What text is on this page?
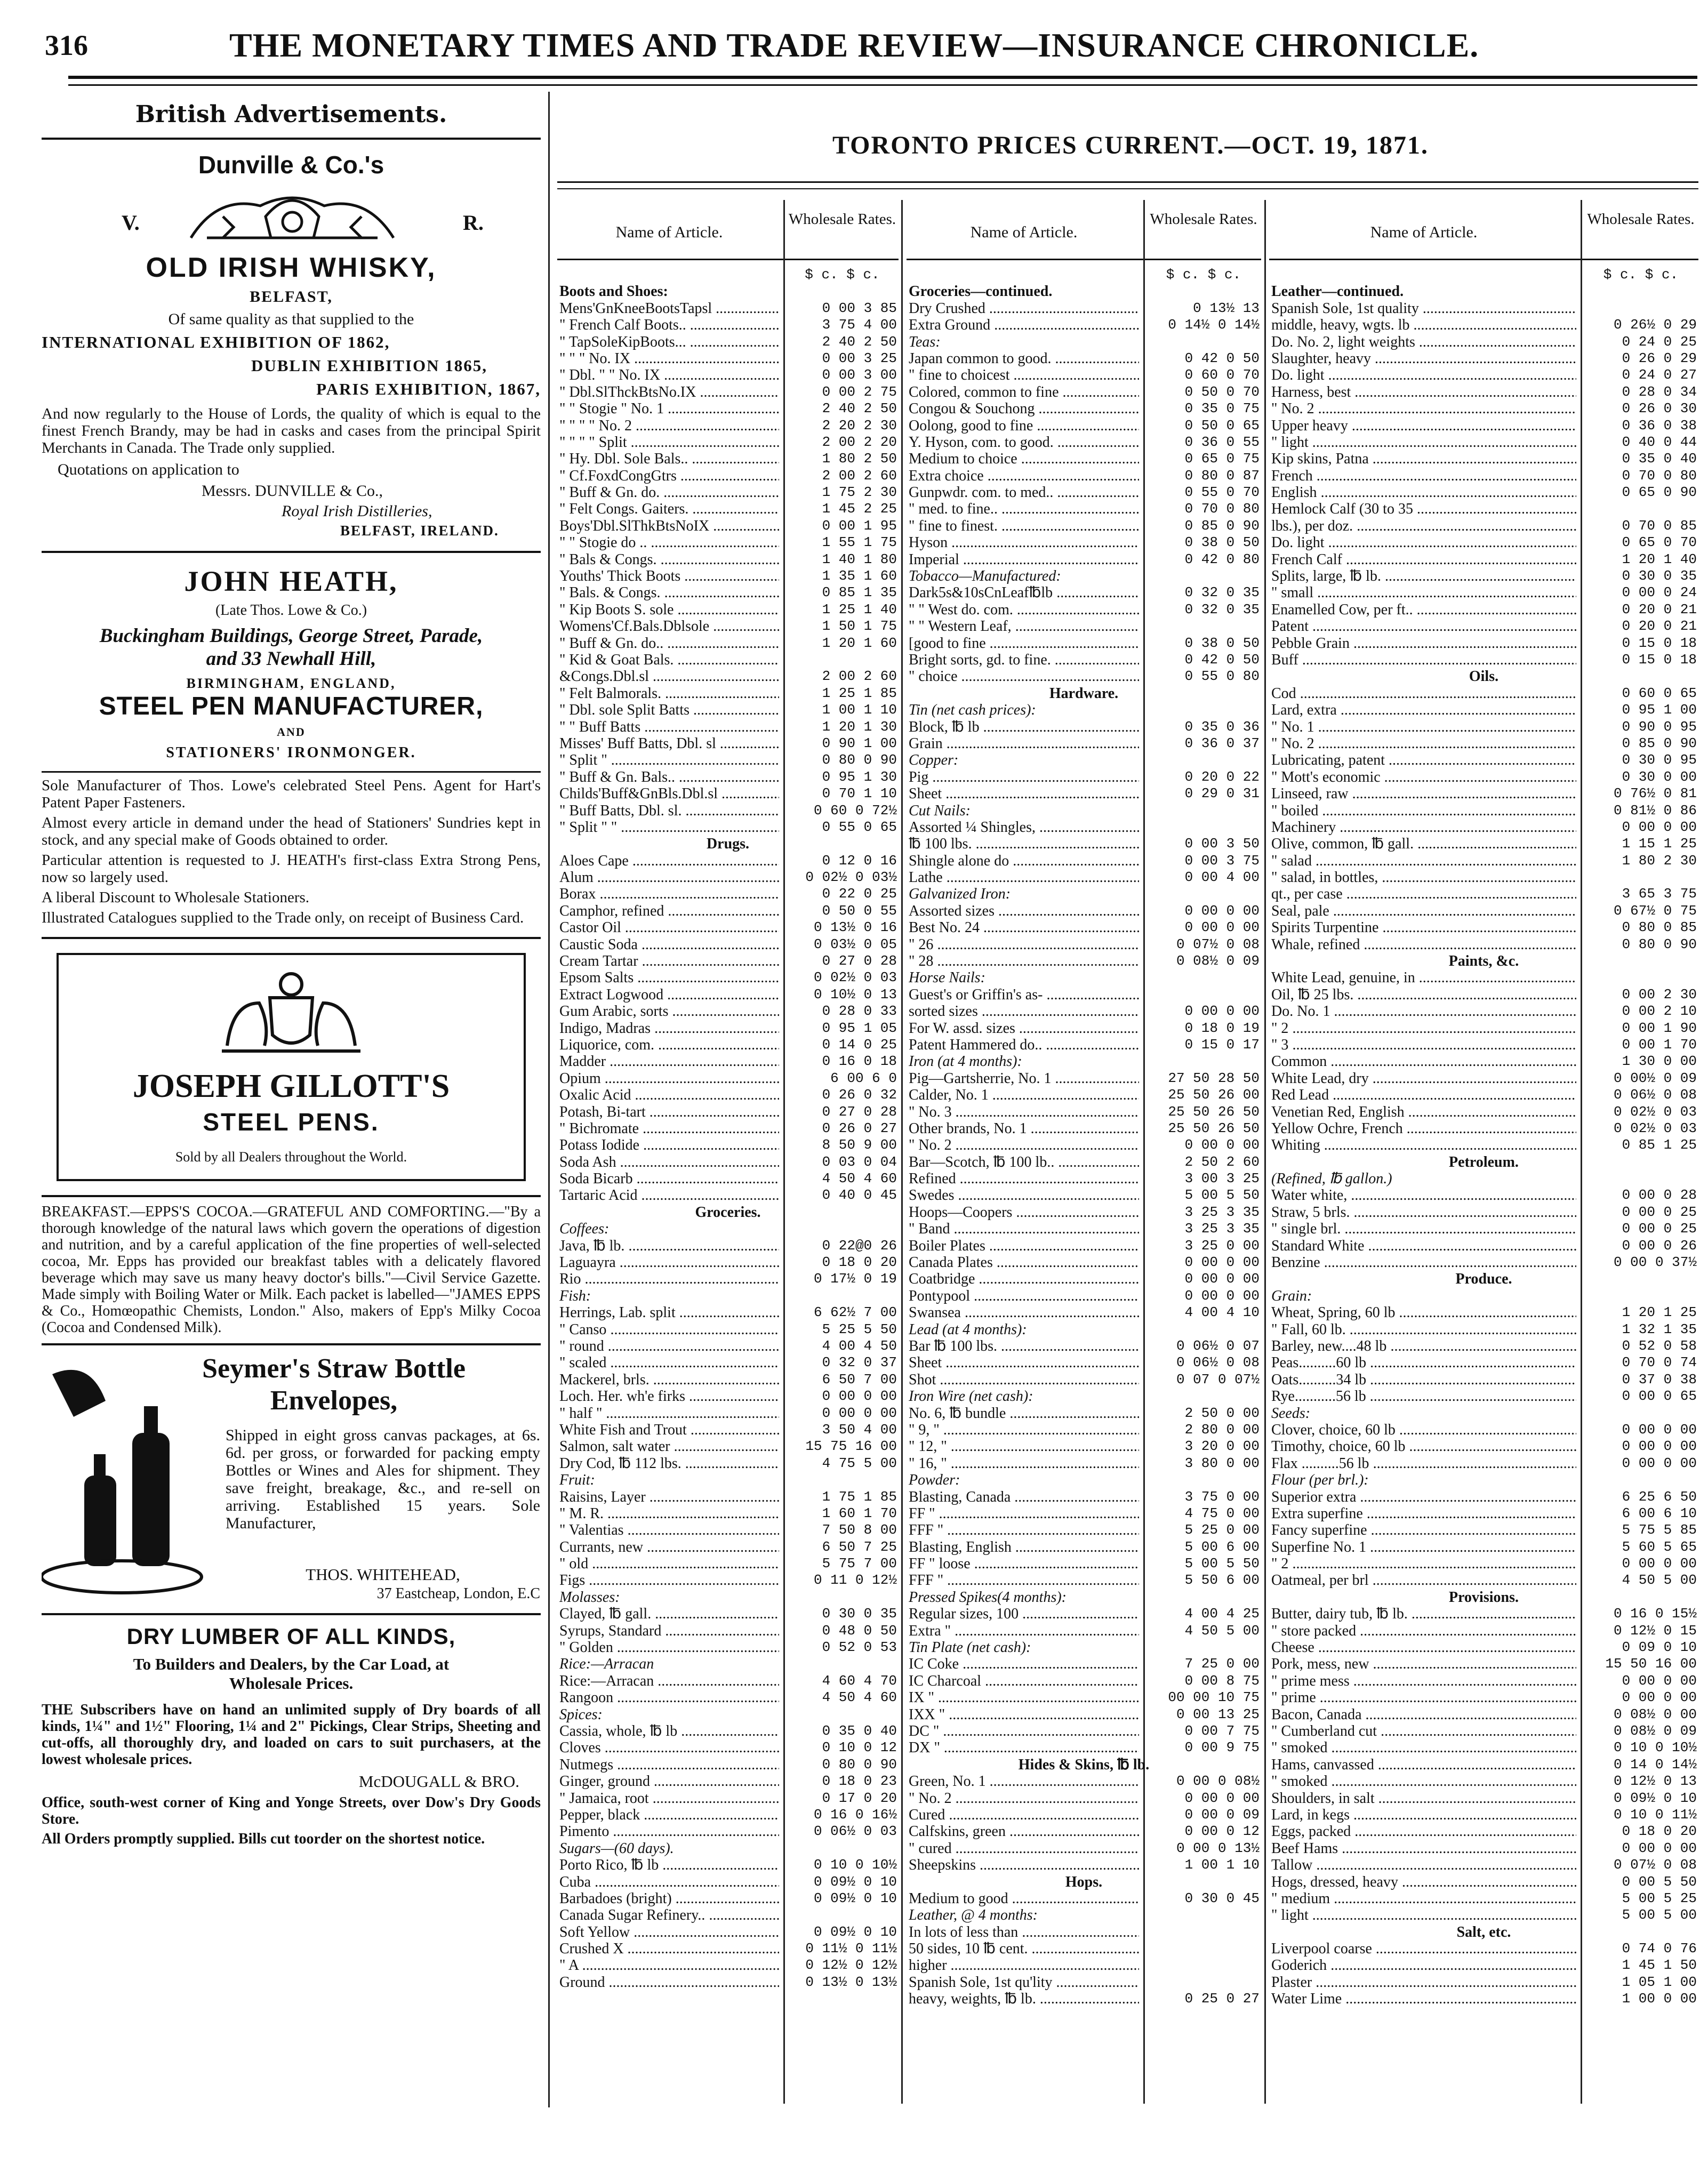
316	THE MONETARY TIMES AND TRADE REVIEW—INSURANCE CHRONICLE.
British Advertisements.
Dunville & Co.'s
V.	R.
OLD IRISH WHISKY,
BELFAST,
Of same quality as that supplied to the
INTERNATIONAL EXHIBITION OF 1862,
DUBLIN EXHIBITION 1865,
PARIS EXHIBITION, 1867,

And now regularly to the House of Lords, the quality of which is equal to the finest French Brandy, may be had in casks and cases from the principal Spirit Merchants in Canada. The Trade only supplied.

Quotations on application to
Messrs. DUNVILLE & Co.,
Royal Irish Distilleries,
BELFAST, IRELAND.
JOHN HEATH,
(Late Thos. Lowe & Co.)
Buckingham Buildings, George Street, Parade,
and 33 Newhall Hill,
BIRMINGHAM, ENGLAND,
STEEL PEN MANUFACTURER,
AND
STATIONERS' IRONMONGER.

Sole Manufacturer of Thos. Lowe's celebrated Steel Pens. Agent for Hart's Patent Paper Fasteners.

Almost every article in demand under the head of Stationers' Sundries kept in stock, and any special make of Goods obtained to order.

Particular attention is requested to J. HEATH's first-class Extra Strong Pens, now so largely used.

A liberal Discount to Wholesale Stationers.

Illustrated Catalogues supplied to the Trade only, on receipt of Business Card.

JOSEPH GILLOTT'S
STEEL PENS.
Sold by all Dealers throughout the World.

BREAKFAST.—EPPS'S COCOA.—GRATEFUL AND COMFORTING.—"By a thorough knowledge of the natural laws which govern the operations of digestion and nutrition, and by a careful application of the fine properties of well-selected cocoa, Mr. Epps has provided our breakfast tables with a delicately flavored beverage which may save us many heavy doctor's bills."—Civil Service Gazette. Made simply with Boiling Water or Milk. Each packet is labelled—"JAMES EPPS & Co., Homœopathic Chemists, London." Also, makers of Epp's Milky Cocoa (Cocoa and Condensed Milk).

Seymer's Straw Bottle
Envelopes,

Shipped in eight gross canvas packages, at 6s. 6d. per gross, or forwarded for packing empty Bottles or Wines and Ales for shipment. They save freight, breakage, &c., and re-sell on arriving. Established 15 years. Sole Manufacturer,

THOS. WHITEHEAD,
37 Eastcheap, London, E.C
DRY LUMBER OF ALL KINDS,
To Builders and Dealers, by the Car Load, at
Wholesale Prices.

THE Subscribers have on hand an unlimited supply of Dry boards of all kinds, 1¼" and 1½" Flooring, 1¼ and 2" Pickings, Clear Strips, Sheeting and cut-offs, all thoroughly dry, and loaded on cars to suit purchasers, at the lowest wholesale prices.

McDOUGALL & BRO.

Office, south-west corner of King and Yonge Streets, over Dow's Dry Goods Store.

All Orders promptly supplied. Bills cut toorder on the shortest notice.

TORONTO PRICES CURRENT.—OCT. 19, 1871.
Name of Article.
Wholesale Rates.
$ c. $ c.
Boots and Shoes:
Mens'GnKneeBootsTapsl .....	0 00 3 85
" French Calf Boots.. .....	3 75 4 00
" TapSoleKipBoots... .....	2 40 2 50
" " " No. IX .....	0 00 3 25
" Dbl. " " No. IX .....	0 00 3 00
" Dbl.SlThckBtsNo.IX .....	0 00 2 75
" " Stogie " No. 1 .....	2 40 2 50
" " " " No. 2 .....	2 20 2 30
" " " " Split .....	2 00 2 20
" Hy. Dbl. Sole Bals.. .....	1 80 2 50
" Cf.FoxdCongGtrs .....	2 00 2 60
" Buff & Gn. do. .....	1 75 2 30
" Felt Congs. Gaiters. .....	1 45 2 25
Boys'Dbl.SlThkBtsNoIX .....	0 00 1 95
" " Stogie do .. .....	1 55 1 75
" Bals & Congs. .....	1 40 1 80
Youths' Thick Boots .....	1 35 1 60
" Bals. & Congs. .....	0 85 1 35
" Kip Boots S. sole .....	1 25 1 40
Womens'Cf.Bals.Dblsole .....	1 50 1 75
" Buff & Gn. do.. .....	1 20 1 60
" Kid & Goat Bals. .....
&Congs.Dbl.sl .....	2 00 2 60
" Felt Balmorals. .....	1 25 1 85
" Dbl. sole Split Batts .....	1 00 1 10
" " Buff Batts .....	1 20 1 30
Misses' Buff Batts, Dbl. sl .....	0 90 1 00
" Split " .....	0 80 0 90
" Buff & Gn. Bals.. .....	0 95 1 30
Childs'Buff&GnBls.Dbl.sl .....	0 70 1 10
" Buff Batts, Dbl. sl. .....	0 60 0 72½
" Split " " .....	0 55 0 65
Drugs.
Aloes Cape .....	0 12 0 16
Alum .....	0 02½ 0 03½
Borax .....	0 22 0 25
Camphor, refined .....	0 50 0 55
Castor Oil .....	0 13½ 0 16
Caustic Soda .....	0 03½ 0 05
Cream Tartar .....	0 27 0 28
Epsom Salts .....	0 02½ 0 03
Extract Logwood .....	0 10½ 0 13
Gum Arabic, sorts .....	0 28 0 33
Indigo, Madras .....	0 95 1 05
Liquorice, com. .....	0 14 0 25
Madder .....	0 16 0 18
Opium .....	6 00 6 0
Oxalic Acid .....	0 26 0 32
Potash, Bi-tart .....	0 27 0 28
" Bichromate .....	0 26 0 27
Potass Iodide .....	8 50 9 00
Soda Ash .....	0 03 0 04
Soda Bicarb .....	4 50 4 60
Tartaric Acid .....	0 40 0 45
Groceries.
Coffees:
Java, ℔ lb. .....	0 22@0 26
Laguayra .....	0 18 0 20
Rio .....	0 17½ 0 19
Fish:
Herrings, Lab. split .....	6 62½ 7 00
" Canso .....	5 25 5 50
" round .....	4 00 4 50
" scaled .....	0 32 0 37
Mackerel, brls. .....	6 50 7 00
Loch. Her. wh'e firks .....	0 00 0 00
" half " .....	0 00 0 00
White Fish and Trout .....	3 50 4 00
Salmon, salt water .....	15 75 16 00
Dry Cod, ℔ 112 lbs. .....	4 75 5 00
Fruit:
Raisins, Layer .....	1 75 1 85
" M. R. .....	1 60 1 70
" Valentias .....	7 50 8 00
Currants, new .....	6 50 7 25
" old .....	5 75 7 00
Figs .....	0 11 0 12½
Molasses:
Clayed, ℔ gall. .....	0 30 0 35
Syrups, Standard .....	0 48 0 50
" Golden .....	0 52 0 53
Rice:—Arracan
Rice:—Arracan .....	4 60 4 70
Rangoon .....	4 50 4 60
Spices:
Cassia, whole, ℔ lb .....	0 35 0 40
Cloves .....	0 10 0 12
Nutmegs .....	0 80 0 90
Ginger, ground .....	0 18 0 23
" Jamaica, root .....	0 17 0 20
Pepper, black .....	0 16 0 16½
Pimento .....	0 06½ 0 03
Sugars—(60 days).
Porto Rico, ℔ lb .....	0 10 0 10½
Cuba .....	0 09½ 0 10
Barbadoes (bright) .....	0 09½ 0 10
Canada Sugar Refinery.. .....
Soft Yellow .....	0 09½ 0 10
Crushed X .....	0 11½ 0 11½
" A .....	0 12½ 0 12½
Ground .....	0 13½ 0 13½
Name of Article.
Wholesale Rates.
$ c. $ c.
Groceries—continued.
Dry Crushed .....	0 13½ 13
Extra Ground .....	0 14½ 0 14½
Teas:
Japan common to good. .....	0 42 0 50
" fine to choicest .....	0 60 0 70
Colored, common to fine .....	0 50 0 70
Congou & Souchong .....	0 35 0 75
Oolong, good to fine .....	0 50 0 65
Y. Hyson, com. to good. .....	0 36 0 55
Medium to choice .....	0 65 0 75
Extra choice .....	0 80 0 87
Gunpwdr. com. to med.. .....	0 55 0 70
" med. to fine.. .....	0 70 0 80
" fine to finest. .....	0 85 0 90
Hyson .....	0 38 0 50
Imperial .....	0 42 0 80
Tobacco—Manufactured:
Dark5s&10sCnLeaf℔lb .....	0 32 0 35
" " West do. com. .....	0 32 0 35
" " Western Leaf, .....
[good to fine .....	0 38 0 50
Bright sorts, gd. to fine. .....	0 42 0 50
" choice .....	0 55 0 80
Hardware.
Tin (net cash prices):
Block, ℔ lb .....	0 35 0 36
Grain .....	0 36 0 37
Copper:
Pig .....	0 20 0 22
Sheet .....	0 29 0 31
Cut Nails:
Assorted ¼ Shingles, .....
℔ 100 lbs. .....	0 00 3 50
Shingle alone do .....	0 00 3 75
Lathe .....	0 00 4 00
Galvanized Iron:
Assorted sizes .....	0 00 0 00
Best No. 24 .....	0 00 0 00
" 26 .....	0 07½ 0 08
" 28 .....	0 08½ 0 09
Horse Nails:
Guest's or Griffin's as- .....
sorted sizes .....	0 00 0 00
For W. assd. sizes .....	0 18 0 19
Patent Hammered do.. .....	0 15 0 17
Iron (at 4 months):
Pig—Gartsherrie, No. 1 .....	27 50 28 50
Calder, No. 1 .....	25 50 26 00
" No. 3 .....	25 50 26 50
Other brands, No. 1 .....	25 50 26 50
" No. 2 .....	0 00 0 00
Bar—Scotch, ℔ 100 lb.. .....	2 50 2 60
Refined .....	3 00 3 25
Swedes .....	5 00 5 50
Hoops—Coopers .....	3 25 3 35
" Band .....	3 25 3 35
Boiler Plates .....	3 25 0 00
Canada Plates .....	0 00 0 00
Coatbridge .....	0 00 0 00
Pontypool .....	0 00 0 00
Swansea .....	4 00 4 10
Lead (at 4 months):
Bar ℔ 100 lbs. .....	0 06½ 0 07
Sheet .....	0 06½ 0 08
Shot .....	0 07 0 07½
Iron Wire (net cash):
No. 6, ℔ bundle .....	2 50 0 00
" 9, " .....	2 80 0 00
" 12, " .....	3 20 0 00
" 16, " .....	3 80 0 00
Powder:
Blasting, Canada .....	3 75 0 00
FF " .....	4 75 0 00
FFF " .....	5 25 0 00
Blasting, English .....	5 00 6 00
FF " loose .....	5 00 5 50
FFF " .....	5 50 6 00
Pressed Spikes(4 months):
Regular sizes, 100 .....	4 00 4 25
Extra " .....	4 50 5 00
Tin Plate (net cash):
IC Coke .....	7 25 0 00
IC Charcoal .....	0 00 8 75
IX " .....	00 00 10 75
IXX " .....	0 00 13 25
DC " .....	0 00 7 75
DX " .....	0 00 9 75
Hides & Skins, ℔ lb.
Green, No. 1 .....	0 00 0 08½
" No. 2 .....	0 00 0 00
Cured .....	0 00 0 09
Calfskins, green .....	0 00 0 12
" cured .....	0 00 0 13½
Sheepskins .....	1 00 1 10
Hops.
Medium to good .....	0 30 0 45
Leather, @ 4 months:
In lots of less than .....
50 sides, 10 ℔ cent. .....
higher .....
Spanish Sole, 1st qu'lity .....
heavy, weights, ℔ lb. .....	0 25 0 27
Name of Article.
Wholesale Rates.
$ c. $ c.
Leather—continued.
Spanish Sole, 1st quality .....
middle, heavy, wgts. lb .....	0 26½ 0 29
Do. No. 2, light weights .....	0 24 0 25
Slaughter, heavy .....	0 26 0 29
Do. light .....	0 24 0 27
Harness, best .....	0 28 0 34
" No. 2 .....	0 26 0 30
Upper heavy .....	0 36 0 38
" light .....	0 40 0 44
Kip skins, Patna .....	0 35 0 40
French .....	0 70 0 80
English .....	0 65 0 90
Hemlock Calf (30 to 35 .....
lbs.), per doz. .....	0 70 0 85
Do. light .....	0 65 0 70
French Calf .....	1 20 1 40
Splits, large, ℔ lb. .....	0 30 0 35
" small .....	0 00 0 24
Enamelled Cow, per ft.. .....	0 20 0 21
Patent .....	0 20 0 21
Pebble Grain .....	0 15 0 18
Buff .....	0 15 0 18
Oils.
Cod .....	0 60 0 65
Lard, extra .....	0 95 1 00
" No. 1 .....	0 90 0 95
" No. 2 .....	0 85 0 90
Lubricating, patent .....	0 30 0 95
" Mott's economic .....	0 30 0 00
Linseed, raw .....	0 76½ 0 81
" boiled .....	0 81½ 0 86
Machinery .....	0 00 0 00
Olive, common, ℔ gall. .....	1 15 1 25
" salad .....	1 80 2 30
" salad, in bottles, .....
qt., per case .....	3 65 3 75
Seal, pale .....	0 67½ 0 75
Spirits Turpentine .....	0 80 0 85
Whale, refined .....	0 80 0 90
Paints, &c.
White Lead, genuine, in .....
Oil, ℔ 25 lbs. .....	0 00 2 30
Do. No. 1 .....	0 00 2 10
" 2 .....	0 00 1 90
" 3 .....	0 00 1 70
Common .....	1 30 0 00
White Lead, dry .....	0 00½ 0 09
Red Lead .....	0 06½ 0 08
Venetian Red, English .....	0 02½ 0 03
Yellow Ochre, French .....	0 02½ 0 03
Whiting .....	0 85 1 25
Petroleum.
(Refined, ℔ gallon.)
Water white, .....	0 00 0 28
Straw, 5 brls. .....	0 00 0 25
" single brl. .....	0 00 0 25
Standard White .....	0 00 0 26
Benzine .....	0 00 0 37½
Produce.
Grain:
Wheat, Spring, 60 lb .....	1 20 1 25
" Fall, 60 lb. .....	1 32 1 35
Barley, new....48 lb .....	0 52 0 58
Peas..........60 lb .....	0 70 0 74
Oats..........34 lb .....	0 37 0 38
Rye...........56 lb .....	0 00 0 65
Seeds:
Clover, choice, 60 lb .....	0 00 0 00
Timothy, choice, 60 lb .....	0 00 0 00
Flax ..........56 lb .....	0 00 0 00
Flour (per brl.):
Superior extra .....	6 25 6 50
Extra superfine .....	6 00 6 10
Fancy superfine .....	5 75 5 85
Superfine No. 1 .....	5 60 5 65
" 2 .....	0 00 0 00
Oatmeal, per brl .....	4 50 5 00
Provisions.
Butter, dairy tub, ℔ lb. .....	0 16 0 15½
" store packed .....	0 12½ 0 15
Cheese .....	0 09 0 10
Pork, mess, new .....	15 50 16 00
" prime mess .....	0 00 0 00
" prime .....	0 00 0 00
Bacon, Canada .....	0 08½ 0 00
" Cumberland cut .....	0 08½ 0 09
" smoked .....	0 10 0 10½
Hams, canvassed .....	0 14 0 14½
" smoked .....	0 12½ 0 13
Shoulders, in salt .....	0 09½ 0 10
Lard, in kegs .....	0 10 0 11½
Eggs, packed .....	0 18 0 20
Beef Hams .....	0 00 0 00
Tallow .....	0 07½ 0 08
Hogs, dressed, heavy .....	0 00 5 50
" medium .....	5 00 5 25
" light .....	5 00 5 00
Salt, etc.
Liverpool coarse .....	0 74 0 76
Goderich .....	1 45 1 50
Plaster .....	1 05 1 00
Water Lime .....	1 00 0 00
